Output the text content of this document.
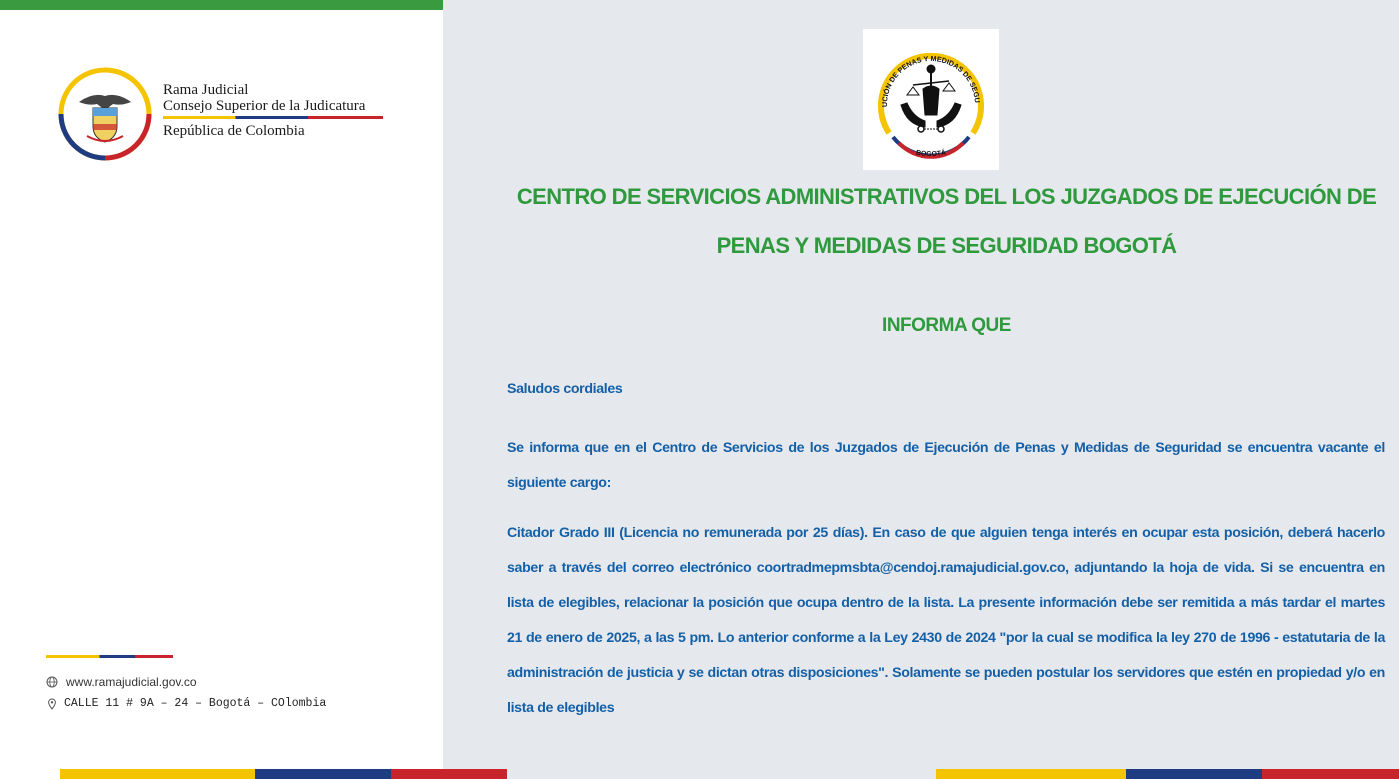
Rama Judicial
Consejo Superior de la Judicatura
República de Colombia
www.ramajudicial.gov.co
CALLE 11 # 9A – 24 – Bogotá – COlombia
UCIÓN DE PENAS Y MEDIDAS DE SEGU
BOGOTÁ
CENTRO DE SERVICIOS ADMINISTRATIVOS DEL LOS JUZGADOS DE EJECUCIÓN DE
PENAS Y MEDIDAS DE SEGURIDAD BOGOTÁ
INFORMA QUE
Saludos cordiales
Se informa que en el Centro de Servicios de los Juzgados de Ejecución de Penas y Medidas de Seguridad se encuentra vacante el siguiente cargo:
Citador Grado III (Licencia no remunerada por 25 días). En caso de que alguien tenga interés en ocupar esta posición, deberá hacerlo saber a través del correo electrónico coortradmepmsbta@cendoj.ramajudicial.gov.co, adjuntando la hoja de vida. Si se encuentra en lista de elegibles, relacionar la posición que ocupa dentro de la lista. La presente información debe ser remitida a más tardar el martes 21 de enero de 2025, a las 5 pm. Lo anterior conforme a la Ley 2430 de 2024 "por la cual se modifica la ley 270 de 1996 - estatutaria de la administración de justicia y se dictan otras disposiciones". Solamente se pueden postular los servidores que estén en propiedad y/o en lista de elegibles
